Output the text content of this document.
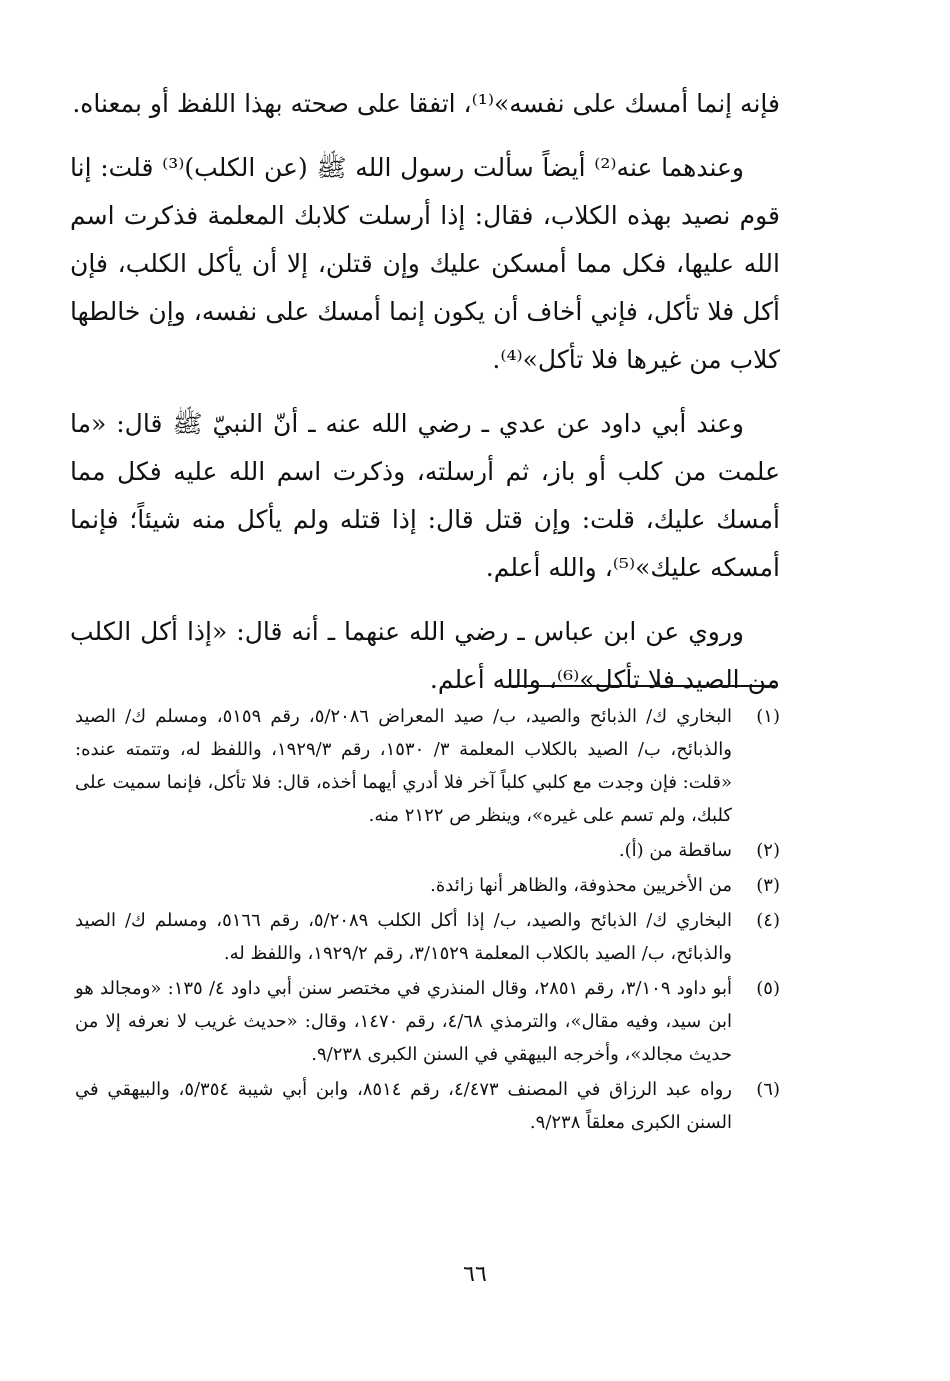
فإنه إنما أمسك على نفسه»⁽¹⁾، اتفقا على صحته بهذا اللفظ أو بمعناه.

وعندهما عنه⁽²⁾ أيضاً سألت رسول الله ﷺ (عن الكلب)⁽³⁾ قلت: إنا قوم نصيد بهذه الكلاب، فقال: إذا أرسلت كلابك المعلمة فذكرت اسم الله عليها، فكل مما أمسكن عليك وإن قتلن، إلا أن يأكل الكلب، فإن أكل فلا تأكل، فإني أخاف أن يكون إنما أمسك على نفسه، وإن خالطها كلاب من غيرها فلا تأكل»⁽⁴⁾.

وعند أبي داود عن عدي ـ رضي الله عنه ـ أنّ النبيّ ﷺ قال: «ما علمت من كلب أو باز، ثم أرسلته، وذكرت اسم الله عليه فكل مما أمسك عليك، قلت: وإن قتل قال: إذا قتله ولم يأكل منه شيئاً؛ فإنما أمسكه عليك»⁽⁵⁾، والله أعلم.

وروي عن ابن عباس ـ رضي الله عنهما ـ أنه قال: «إذا أكل الكلب من الصيد فلا تأكل»⁽⁶⁾، والله أعلم.

(١)
البخاري ك/ الذبائح والصيد، ب/ صيد المعراض ٥/٢٠٨٦، رقم ٥١٥٩، ومسلم ك/ الصيد والذبائح، ب/ الصيد بالكلاب المعلمة ٣/ ١٥٣٠، رقم ١٩٢٩/٣، واللفظ له، وتتمته عنده: «قلت: فإن وجدت مع كلبي كلباً آخر فلا أدري أيهما أخذه، قال: فلا تأكل، فإنما سميت على كلبك، ولم تسم على غيره»، وينظر ص ٢١٢٢ منه.
(٢)
ساقطة من (أ).
(٣)
من الأخريين محذوفة، والظاهر أنها زائدة.
(٤)
البخاري ك/ الذبائح والصيد، ب/ إذا أكل الكلب ٥/٢٠٨٩، رقم ٥١٦٦، ومسلم ك/ الصيد والذبائح، ب/ الصيد بالكلاب المعلمة ٣/١٥٢٩، رقم ١٩٢٩/٢، واللفظ له.
(٥)
أبو داود ٣/١٠٩، رقم ٢٨٥١، وقال المنذري في مختصر سنن أبي داود ٤/ ١٣٥: «ومجالد هو ابن سيد، وفيه مقال»، والترمذي ٤/٦٨، رقم ١٤٧٠، وقال: «حديث غريب لا نعرفه إلا من حديث مجالد»، وأخرجه البيهقي في السنن الكبرى ٩/٢٣٨.
(٦)
رواه عبد الرزاق في المصنف ٤/٤٧٣، رقم ٨٥١٤، وابن أبي شيبة ٥/٣٥٤، والبيهقي في السنن الكبرى معلقاً ٩/٢٣٨.
٦٦
